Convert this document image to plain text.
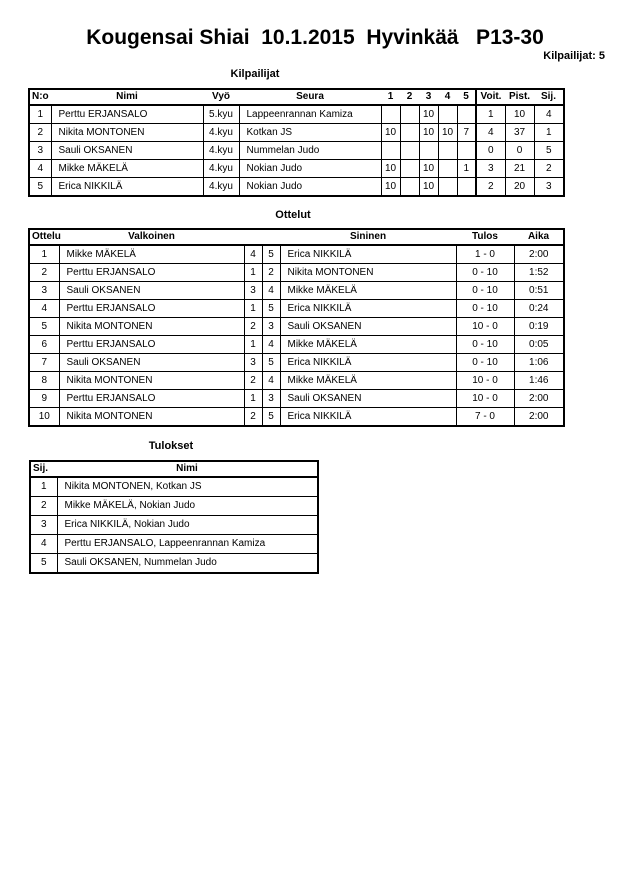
Kougensai Shiai  10.1.2015  Hyvinkää   P13-30
Kilpailijat: 5
Kilpailijat
N:o	Nimi	Vyö	Seura	1	2	3	4	5	Voit.	Pist.	Sij.
1	Perttu ERJANSALO	5.kyu	Lappeenrannan Kamiza			10			1	10	4
2	Nikita MONTONEN	4.kyu	Kotkan JS	10		10	10	7	4	37	1
3	Sauli OKSANEN	4.kyu	Nummelan Judo						0	0	5
4	Mikke MÄKELÄ	4.kyu	Nokian Judo	10		10		1	3	21	2
5	Erica NIKKILÄ	4.kyu	Nokian Judo	10		10			2	20	3
Ottelut
Ottelu	Valkoinen			Sininen	Tulos	Aika
1	Mikke MÄKELÄ	4	5	Erica NIKKILÄ	1 - 0	2:00
2	Perttu ERJANSALO	1	2	Nikita MONTONEN	0 - 10	1:52
3	Sauli OKSANEN	3	4	Mikke MÄKELÄ	0 - 10	0:51
4	Perttu ERJANSALO	1	5	Erica NIKKILÄ	0 - 10	0:24
5	Nikita MONTONEN	2	3	Sauli OKSANEN	10 - 0	0:19
6	Perttu ERJANSALO	1	4	Mikke MÄKELÄ	0 - 10	0:05
7	Sauli OKSANEN	3	5	Erica NIKKILÄ	0 - 10	1:06
8	Nikita MONTONEN	2	4	Mikke MÄKELÄ	10 - 0	1:46
9	Perttu ERJANSALO	1	3	Sauli OKSANEN	10 - 0	2:00
10	Nikita MONTONEN	2	5	Erica NIKKILÄ	7 - 0	2:00
Tulokset
Sij.	Nimi
1	Nikita MONTONEN, Kotkan JS
2	Mikke MÄKELÄ, Nokian Judo
3	Erica NIKKILÄ, Nokian Judo
4	Perttu ERJANSALO, Lappeenrannan Kamiza
5	Sauli OKSANEN, Nummelan Judo
